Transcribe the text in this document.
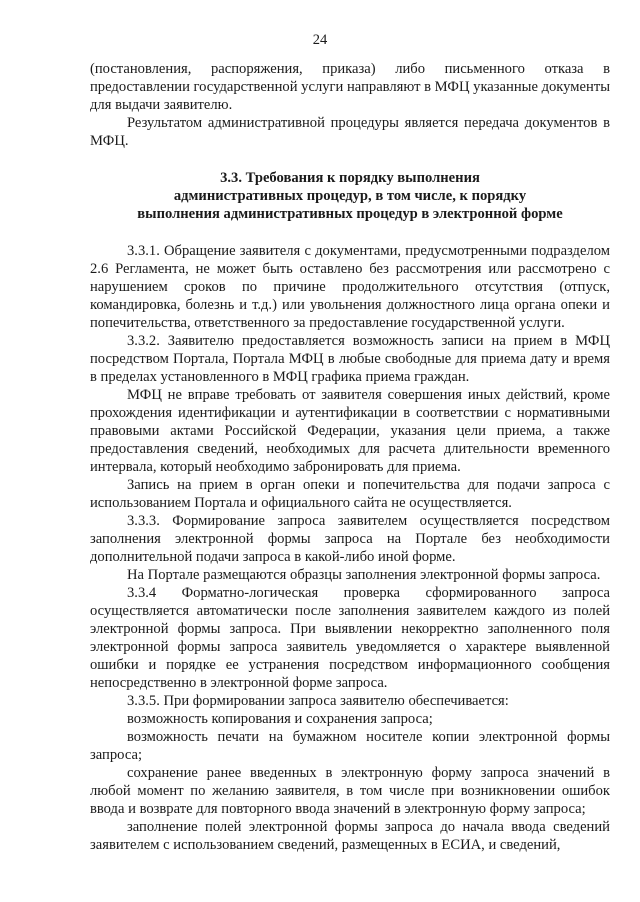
24

(постановления, распоряжения, приказа) либо письменного отказа в предоставлении государственной услуги направляют в МФЦ указанные документы для выдачи заявителю.

Результатом административной процедуры является передача документов в МФЦ.

3.3. Требования к порядку выполнения
административных процедур, в том числе, к порядку
выполнения административных процедур в электронной форме

3.3.1. Обращение заявителя с документами, предусмотренными подразделом 2.6 Регламента, не может быть оставлено без рассмотрения или рассмотрено с нарушением сроков по причине продолжительного отсутствия (отпуск, командировка, болезнь и т.д.) или увольнения должностного лица органа опеки и попечительства, ответственного за предоставление государственной услуги.

3.3.2. Заявителю предоставляется возможность записи на прием в МФЦ посредством Портала, Портала МФЦ в любые свободные для приема дату и время в пределах установленного в МФЦ графика приема граждан.

МФЦ не вправе требовать от заявителя совершения иных действий, кроме прохождения идентификации и аутентификации в соответствии с нормативными правовыми актами Российской Федерации, указания цели приема, а также предоставления сведений, необходимых для расчета длительности временного интервала, который необходимо забронировать для приема.

Запись на прием в орган опеки и попечительства для подачи запроса с использованием Портала и официального сайта не осуществляется.

3.3.3. Формирование запроса заявителем осуществляется посредством заполнения электронной формы запроса на Портале без необходимости дополнительной подачи запроса в какой-либо иной форме.

На Портале размещаются образцы заполнения электронной формы запроса.

3.3.4 Форматно-логическая проверка сформированного запроса осуществляется автоматически после заполнения заявителем каждого из полей электронной формы запроса. При выявлении некорректно заполненного поля электронной формы запроса заявитель уведомляется о характере выявленной ошибки и порядке ее устранения посредством информационного сообщения непосредственно в электронной форме запроса.

3.3.5. При формировании запроса заявителю обеспечивается:

возможность копирования и сохранения запроса;

возможность печати на бумажном носителе копии электронной формы запроса;

сохранение ранее введенных в электронную форму запроса значений в любой момент по желанию заявителя, в том числе при возникновении ошибок ввода и возврате для повторного ввода значений в электронную форму запроса;

заполнение полей электронной формы запроса до начала ввода сведений заявителем с использованием сведений, размещенных в ЕСИА, и сведений,
